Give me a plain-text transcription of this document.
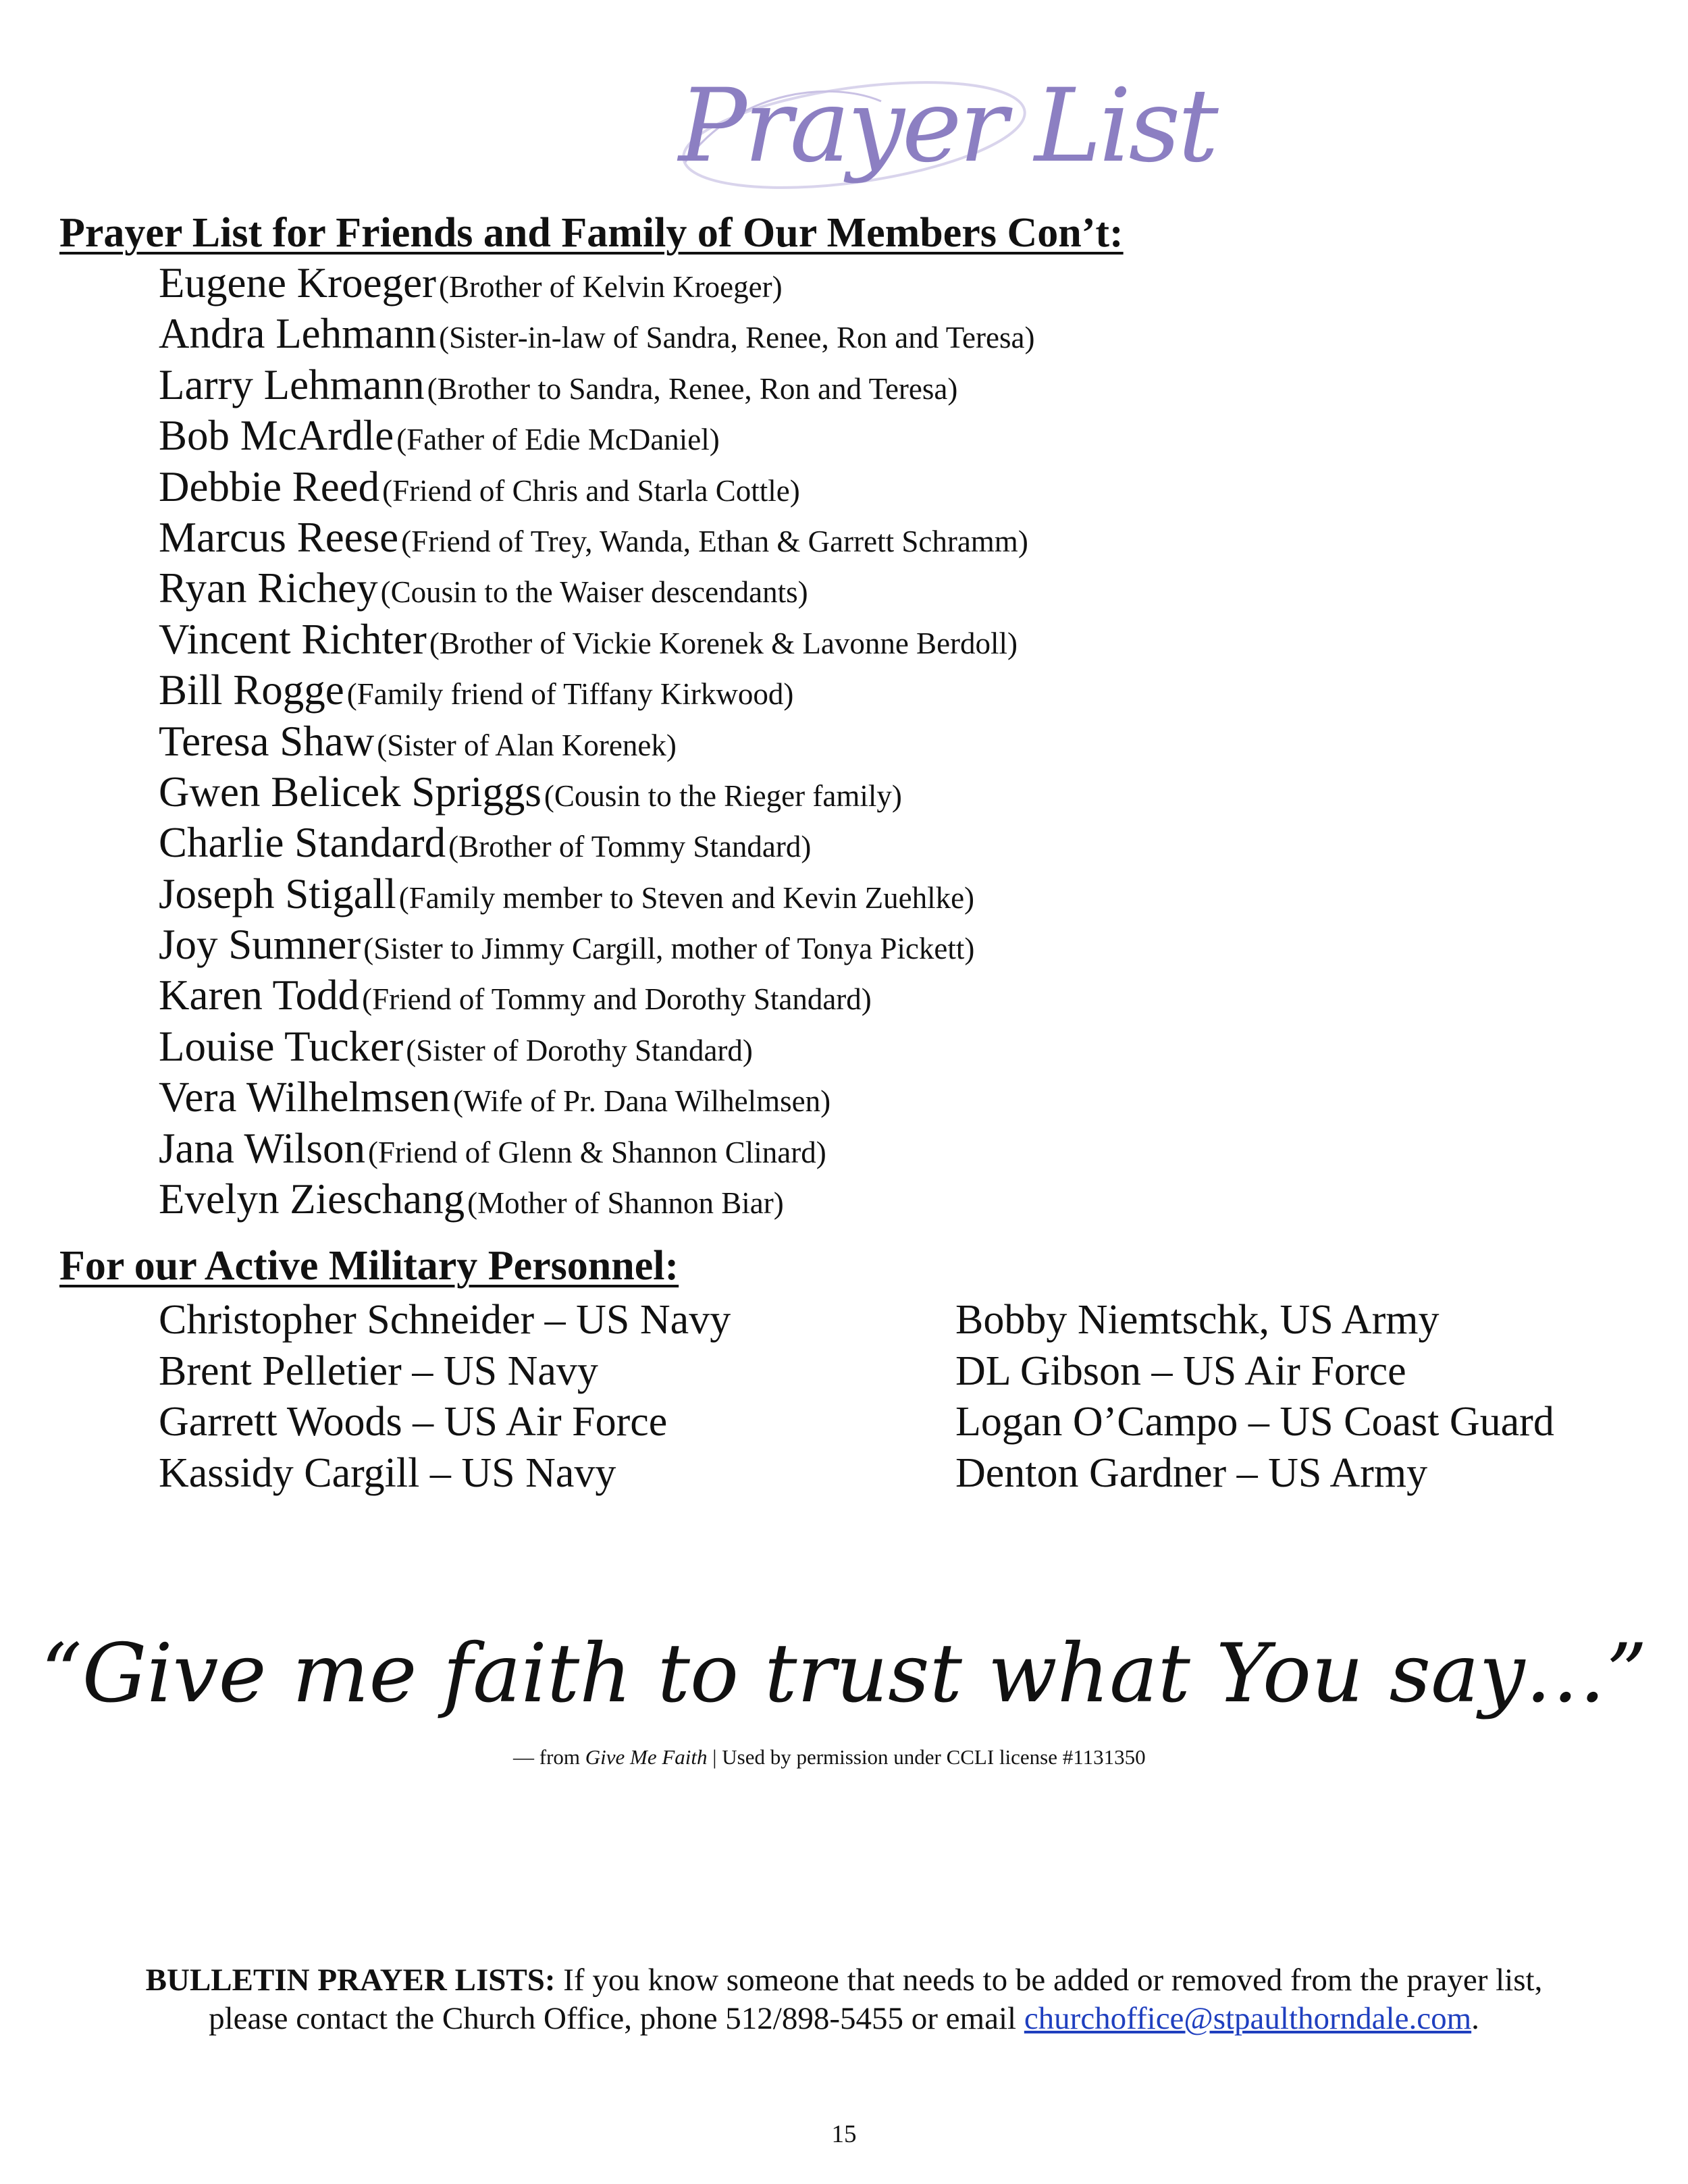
Prayer List
Prayer List for Friends and Family of Our Members Con’t:
Eugene Kroeger (Brother of Kelvin Kroeger)
Andra Lehmann (Sister-in-law of Sandra, Renee, Ron and Teresa)
Larry Lehmann (Brother to Sandra, Renee, Ron and Teresa)
Bob McArdle (Father of Edie McDaniel)
Debbie Reed (Friend of Chris and Starla Cottle)
Marcus Reese (Friend of Trey, Wanda, Ethan & Garrett Schramm)
Ryan Richey (Cousin to the Waiser descendants)
Vincent Richter (Brother of Vickie Korenek & Lavonne Berdoll)
Bill Rogge (Family friend of Tiffany Kirkwood)
Teresa Shaw (Sister of Alan Korenek)
Gwen Belicek Spriggs (Cousin to the Rieger family)
Charlie Standard (Brother of Tommy Standard)
Joseph Stigall (Family member to Steven and Kevin Zuehlke)
Joy Sumner (Sister to Jimmy Cargill, mother of Tonya Pickett)
Karen Todd (Friend of Tommy and Dorothy Standard)
Louise Tucker (Sister of Dorothy Standard)
Vera Wilhelmsen (Wife of Pr. Dana Wilhelmsen)
Jana Wilson (Friend of Glenn & Shannon Clinard)
Evelyn Zieschang (Mother of Shannon Biar)
For our Active Military Personnel:
Christopher Schneider – US Navy
Brent Pelletier – US Navy
Garrett Woods – US Air Force
Kassidy Cargill – US Navy
Bobby Niemtschk, US Army
DL Gibson – US Air Force
Logan O’Campo – US Coast Guard
Denton Gardner – US Army
“Give me faith to trust what You say…”
— from Give Me Faith | Used by permission under CCLI license #1131350
BULLETIN PRAYER LISTS: If you know someone that needs to be added or removed from the prayer list,
please contact the Church Office, phone 512/898-5455 or email churchoffice@stpaulthorndale.com.
15
